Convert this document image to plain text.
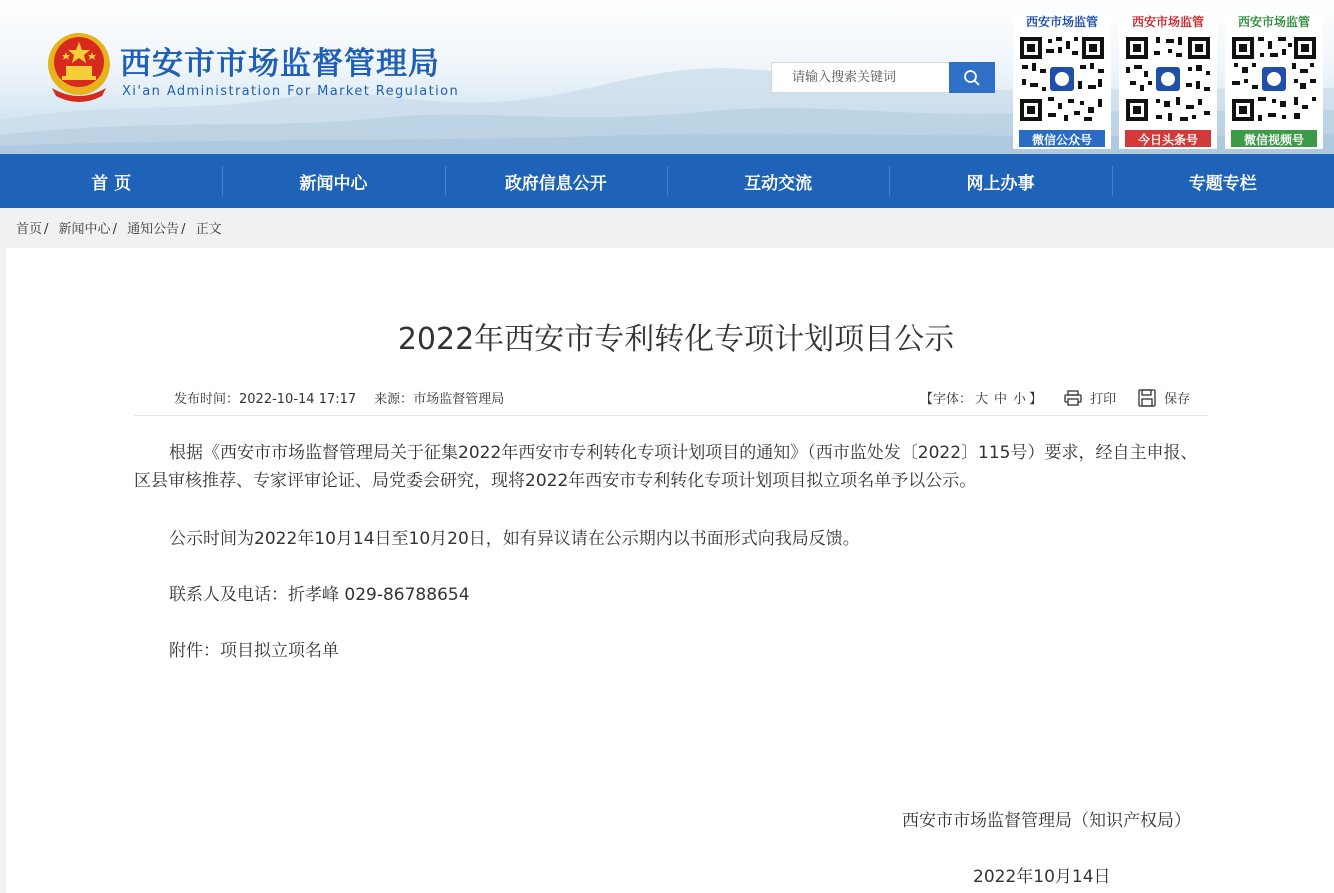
西安市市场监督管理局
Xi'an Administration For Market Regulation
请输入搜索关键词
西安市场监管
微信公众号
西安市场监管
今日头条号
西安市场监管
微信视频号
首 页	新闻中心	政府信息公开	互动交流	网上办事	专题专栏
首页 / 新闻中心 / 通知公告 / 正文
2022年西安市专利转化专项计划项目公示
发布时间：2022-10-14 17:17 来源：市场监督管理局	【字体： 大 中 小 】	打印	保存
根据《西安市市场监督管理局关于征集2022年西安市专利转化专项计划项目的通知》（西市监处发〔2022〕115号）要求，经自主申报、区县审核推荐、专家评审论证、局党委会研究，现将2022年西安市专利转化专项计划项目拟立项名单予以公示。
公示时间为2022年10月14日至10月20日，如有异议请在公示期内以书面形式向我局反馈。
联系人及电话：折孝峰 029-86788654
附件：项目拟立项名单
西安市市场监督管理局（知识产权局）
2022年10月14日
